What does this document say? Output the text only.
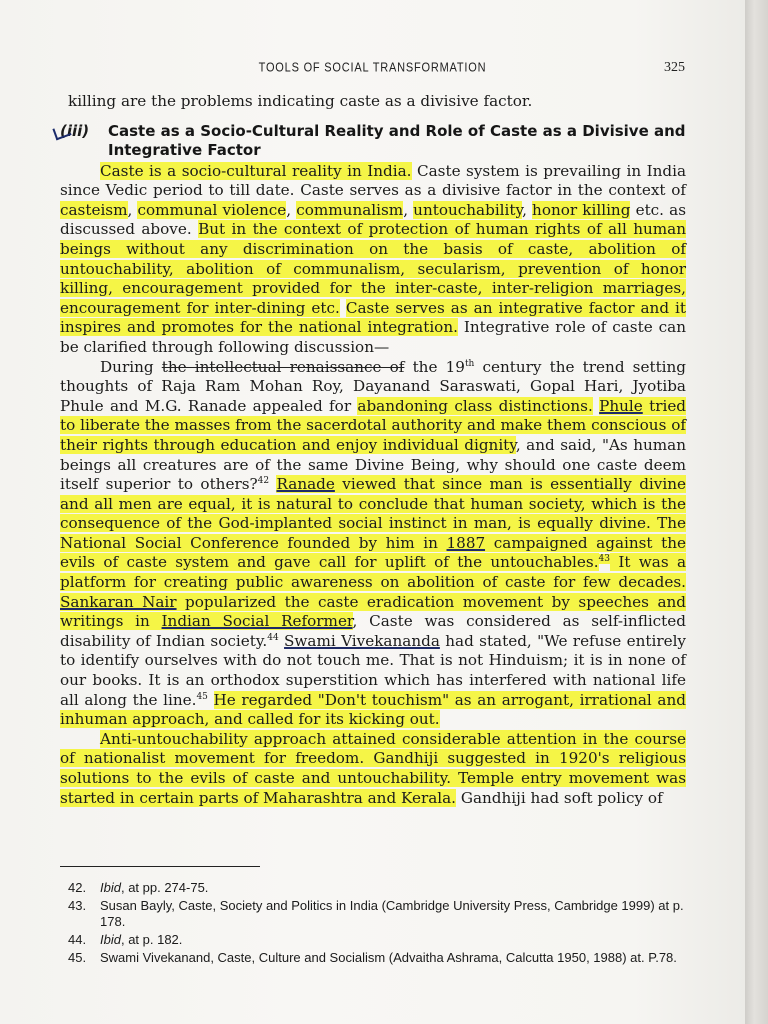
TOOLS OF SOCIAL TRANSFORMATION	325

killing are the problems indicating caste as a divisive factor.

(iii)	Caste as a Socio-Cultural Reality and Role of Caste as a Divisive and Integrative Factor

Caste is a socio-cultural reality in India. Caste system is prevailing in India since Vedic period to till date. Caste serves as a divisive factor in the context of casteism, communal violence, communalism, untouchability, honor killing etc. as discussed above. But in the context of protection of human rights of all human beings without any discrimination on the basis of caste, abolition of untouchability, abolition of communalism, secularism, prevention of honor killing, encouragement provided for the inter-caste, inter-religion marriages, encouragement for inter-dining etc. Caste serves as an integrative factor and it inspires and promotes for the national integration. Integrative role of caste can be clarified through following discussion—

During the intellectual renaissance of the 19th century the trend setting thoughts of Raja Ram Mohan Roy, Dayanand Saraswati, Gopal Hari, Jyotiba Phule and M.G. Ranade appealed for abandoning class distinctions. Phule tried to liberate the masses from the sacerdotal authority and make them conscious of their rights through education and enjoy individual dignity, and said, "As human beings all creatures are of the same Divine Being, why should one caste deem itself superior to others?$^{42}$ Ranade viewed that since man is essentially divine and all men are equal, it is natural to conclude that human society, which is the consequence of the God-implanted social instinct in man, is equally divine. The National Social Conference founded by him in 1887 campaigned against the evils of caste system and gave call for uplift of the untouchables.$^{43}$ It was a platform for creating public awareness on abolition of caste for few decades. Sankaran Nair popularized the caste eradication movement by speeches and writings in Indian Social Reformer, Caste was considered as self-inflicted disability of Indian society.$^{44}$ Swami Vivekananda had stated, "We refuse entirely to identify ourselves with do not touch me. That is not Hinduism; it is in none of our books. It is an orthodox superstition which has interfered with national life all along the line.$^{45}$ He regarded "Don't touchism" as an arrogant, irrational and inhuman approach, and called for its kicking out.

Anti-untouchability approach attained considerable attention in the course of nationalist movement for freedom. Gandhiji suggested in 1920's religious solutions to the evils of caste and untouchability. Temple entry movement was started in certain parts of Maharashtra and Kerala. Gandhiji had soft policy of

42.	Ibid, at pp. 274-75.
43.	Susan Bayly, Caste, Society and Politics in India (Cambridge University Press, Cambridge 1999) at p. 178.
44.	Ibid, at p. 182.
45.	Swami Vivekanand, Caste, Culture and Socialism (Advaitha Ashrama, Calcutta 1950, 1988) at. P.78.
